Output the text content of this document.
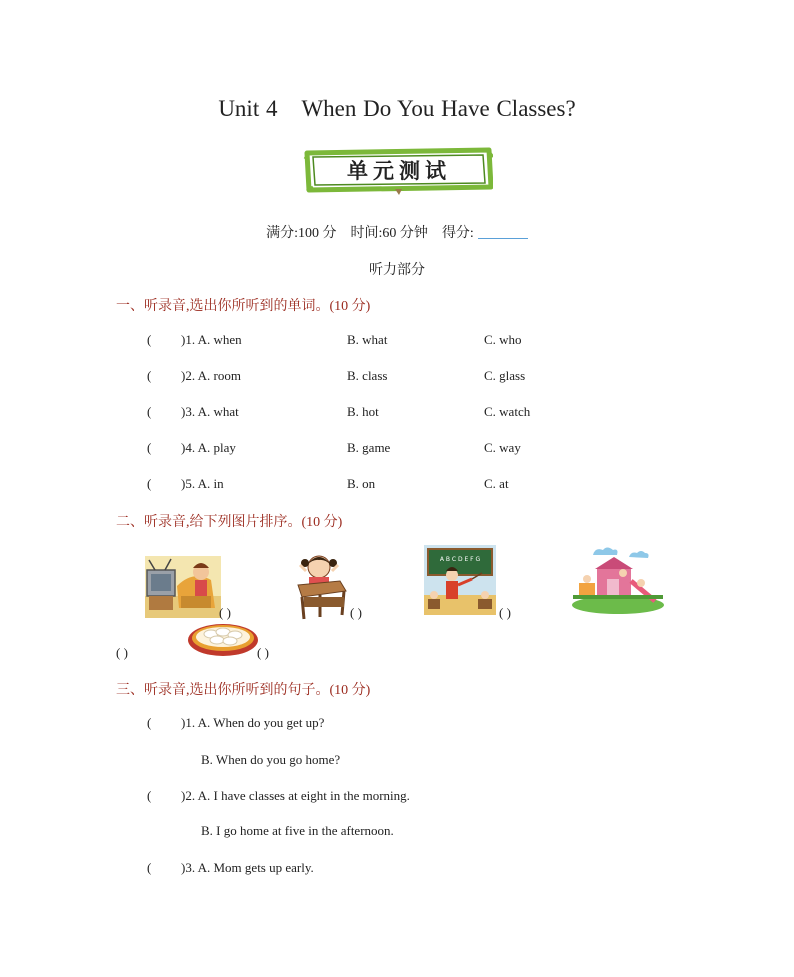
Unit 4 When Do You Have Classes?
单元测试
满分:100 分 时间:60 分钟 得分:
听力部分
一、听录音,选出你所听到的单词。(10 分)
( )1. A. when	B. what	C. who
( )2. A. room	B. class	C. glass
( )3. A. what	B. hot	C. watch
( )4. A. play	B. game	C. way
( )5. A. in	B. on	C. at
二、听录音,给下列图片排序。(10 分)
( )	( )
A B C D E F G
( )
( )	( )
三、听录音,选出你所听到的句子。(10 分)
( )1. A. When do you get up?
B. When do you go home?
( )2. A. I have classes at eight in the morning.
B. I go home at five in the afternoon.
( )3. A. Mom gets up early.
